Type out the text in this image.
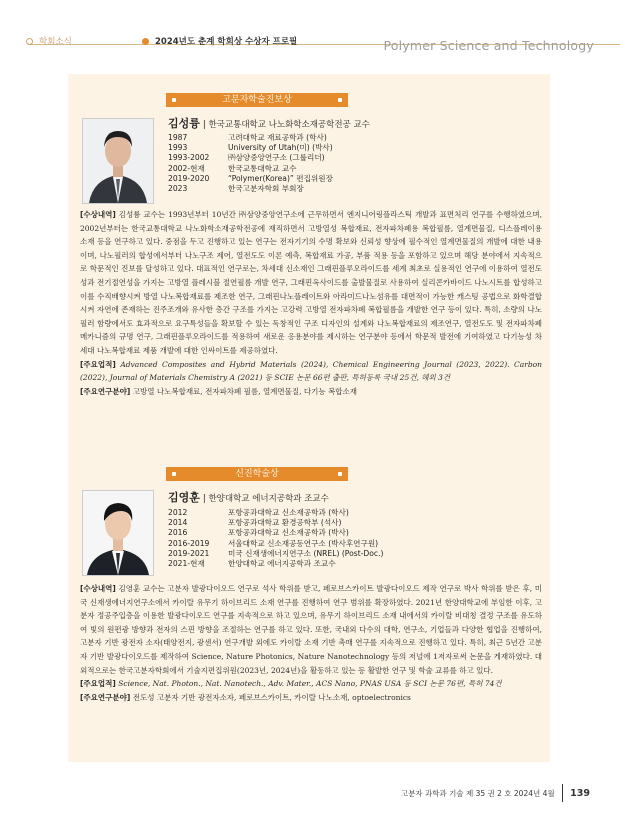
학회소식	2024년도 춘계 학회상 수상자 프로필	Polymer Science and Technology
고분자학술진보상
김성륭 | 한국교통대학교 나노화학소재공학전공 교수
1987	고려대학교 재료공학과 (학사)
1993	University of Utah(미) (박사)
1993-2002	㈜삼양중앙연구소 (그룹리더)
2002-현재	한국교통대학교 교수
2019-2020	“Polymer(Korea)” 편집위원장
2023	한국고분자학회 부회장

[수상내역] 김성륭 교수는 1993년부터 10년간 ㈜삼양중앙연구소에 근무하면서 엔지니어링플라스틱 개발과 표면처리 연구를 수행하였으며, 2002년부터는 한국교통대학교 나노화학소재공학전공에 재직하면서 고방열성 복합재료, 전자파차폐용 복합필름, 열계면물질, 디스플레이용 소재 등을 연구하고 있다. 중점을 두고 진행하고 있는 연구는 전자기기의 수명 확보와 신뢰성 향상에 필수적인 열계면물질의 개발에 대한 내용이며, 나노필러의 합성에서부터 나노구조 제어, 열전도도 이론 예측, 복합재료 가공, 부품 적용 등을 포함하고 있으며 해당 분야에서 지속적으로 학문적인 진보를 달성하고 있다. 대표적인 연구로는, 차세대 신소재인 그래핀플루오라이드를 세계 최초로 실용적인 연구에 이용하여 열전도성과 전기절연성을 가지는 고방열 플레시블 절연필름 개발 연구, 그래핀옥사이드를 출발물질로 사용하여 실리콘카바이드 나노시트를 합성하고 이를 수직배향시켜 방열 나노복합재료를 제조한 연구, 그래핀나노플레이트와 아라미드나노섬유를 대면적이 가능한 캐스팅 공법으로 화학결합시켜 자연에 존재하는 진주조개와 유사한 층간 구조를 가지는 고강력 고방열 전자파차폐 복합필름을 개발한 연구 등이 있다. 특히, 소량의 나노필러 함량에서도 효과적으로 요구특성들을 확보할 수 있는 독창적인 구조 디자인의 설계와 나노복합재료의 제조연구, 열전도도 및 전자파차폐 메카니즘의 규명 연구, 그래핀플루오라이드를 적용하여 새로운 응용분야를 제시하는 연구분야 등에서 학문적 발전에 기여하였고 다기능성 차세대 나노복합재료 제품 개발에 대한 인싸이트를 제공하였다.

[주요업적] Advanced Composites and Hybrid Materials (2024), Chemical Engineering Journal (2023, 2022). Carbon (2022), Journal of Materials Chemistry A (2021) 등 SCIE 논문 66편 출판, 특허등록 국내 25건, 해외 3건

[주요연구분야] 고방열 나노복합재료, 전자파차폐 필름, 열계면물질, 다기능 복합소재

신진학술상
김영훈 | 한양대학교 에너지공학과 조교수
2012	포항공과대학교 신소재공학과 (학사)
2014	포항공과대학교 환경공학부 (석사)
2016	포항공과대학교 신소재공학과 (박사)
2016-2019	서울대학교 신소재공동연구소 (박사후연구원)
2019-2021	미국 신재생에너지연구소 (NREL) (Post-Doc.)
2021-현재	한양대학교 에너지공학과 조교수

[수상내역] 김영훈 교수는 고분자 발광다이오드 연구로 석사 학위를 받고, 페로브스카이트 발광다이오드 제작 연구로 박사 학위를 받은 후, 미국 신재생에너지연구소에서 카이랄 유무기 하이브리드 소재 연구를 진행하여 연구 범위를 확장하였다. 2021년 한양대학교에 부임한 이후, 고분자 정공주입층을 이용한 발광다이오드 연구를 지속적으로 하고 있으며, 유무기 하이브리드 소재 내에서의 카이랄 비대칭 결정 구조를 유도하여 빛의 원편광 방향과 전자의 스핀 방향을 조절하는 연구를 하고 있다. 또한, 국내외 다수의 대학, 연구소, 기업들과 다양한 협업을 진행하여, 고분자 기반 광전자 소자(태양전지, 광센서) 연구개발 외에도 카이랄 소재 기반 촉매 연구를 지속적으로 진행하고 있다. 특히, 최근 5년간 고분자 기반 발광다이오드를 제작하여 Science, Nature Photonics, Nature Nanotechnology 등의 저널에 1저자로써 논문을 게재하였다. 대외적으로는 한국고분자학회에서 기술지편집위원(2023년, 2024년)을 활동하고 있는 등 활발한 연구 및 학술 교류를 하고 있다.

[주요업적] Science, Nat. Photon., Nat. Nanotech., Adv. Mater., ACS Nano, PNAS USA 등 SCI 논문 76편, 특허 74건

[주요연구분야] 전도성 고분자 기반 광전자소자, 페로브스카이트, 카이랄 나노소재, optoelectronics

고분자 과학과 기술 제 35 권 2 호 2024년 4월 139
